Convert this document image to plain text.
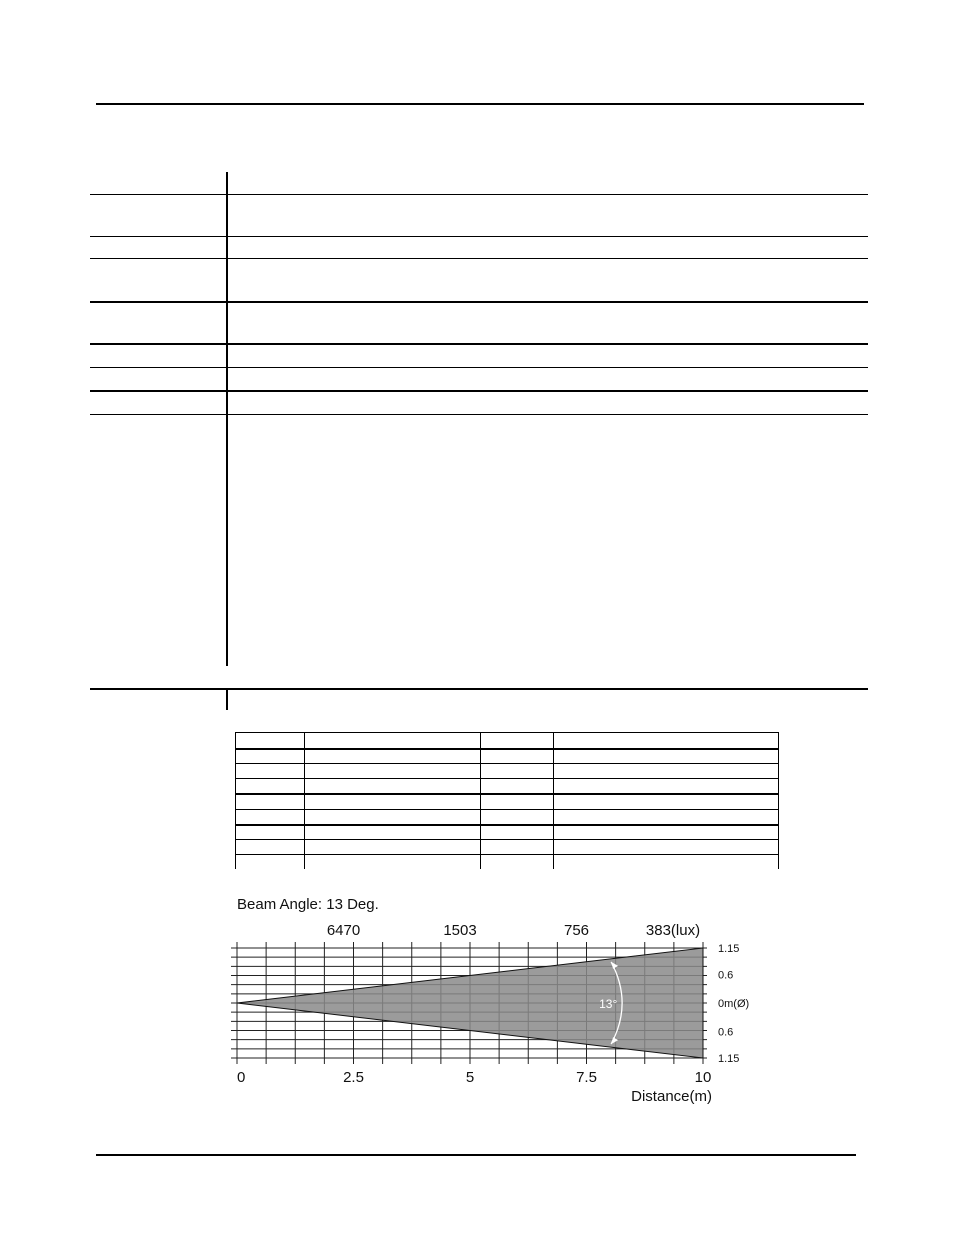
Beam Angle: 13 Deg.
6470	1503	756	383(lux)
13°
1.15
0.6
0m(Ø)
0.6
1.15
0	2.5	5	7.5	10
Distance(m)
